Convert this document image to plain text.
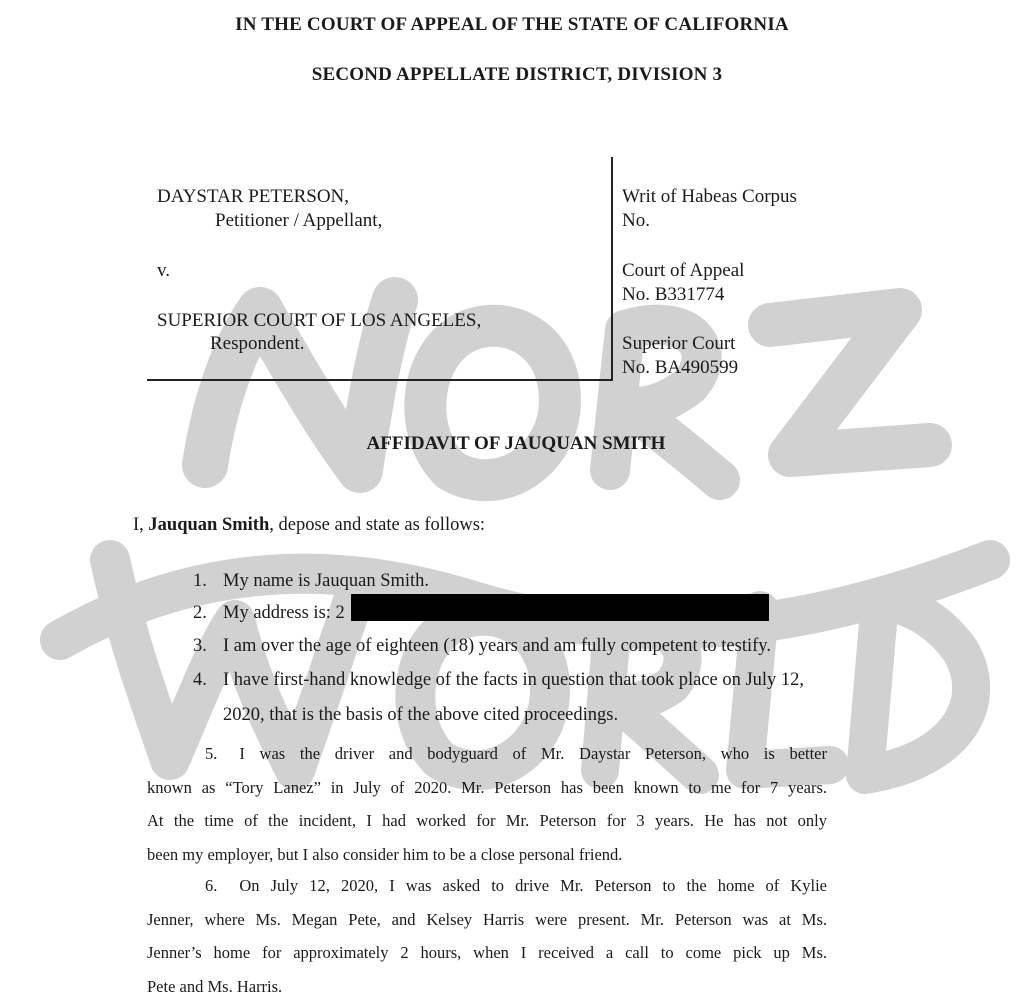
IN THE COURT OF APPEAL OF THE STATE OF CALIFORNIA
SECOND APPELLATE DISTRICT, DIVISION 3
DAYSTAR PETERSON,
Petitioner / Appellant,
v.
SUPERIOR COURT OF LOS ANGELES,
Respondent.
Writ of Habeas Corpus
No.
Court of Appeal
No. B331774
Superior Court
No. BA490599
AFFIDAVIT OF JAUQUAN SMITH
I, Jauquan Smith, depose and state as follows:
1. My name is Jauquan Smith.
2. My address is: 2
3. I am over the age of eighteen (18) years and am fully competent to testify.
4. I have first-hand knowledge of the facts in question that took place on July 12,
2020, that is the basis of the above cited proceedings.
5. I was the driver and bodyguard of Mr. Daystar Peterson, who is better
known as “Tory Lanez” in July of 2020. Mr. Peterson has been known to me for 7 years.
At the time of the incident, I had worked for Mr. Peterson for 3 years. He has not only
been my employer, but I also consider him to be a close personal friend.
6. On July 12, 2020, I was asked to drive Mr. Peterson to the home of Kylie
Jenner, where Ms. Megan Pete, and Kelsey Harris were present. Mr. Peterson was at Ms.
Jenner’s home for approximately 2 hours, when I received a call to come pick up Ms.
Pete and Ms. Harris.
